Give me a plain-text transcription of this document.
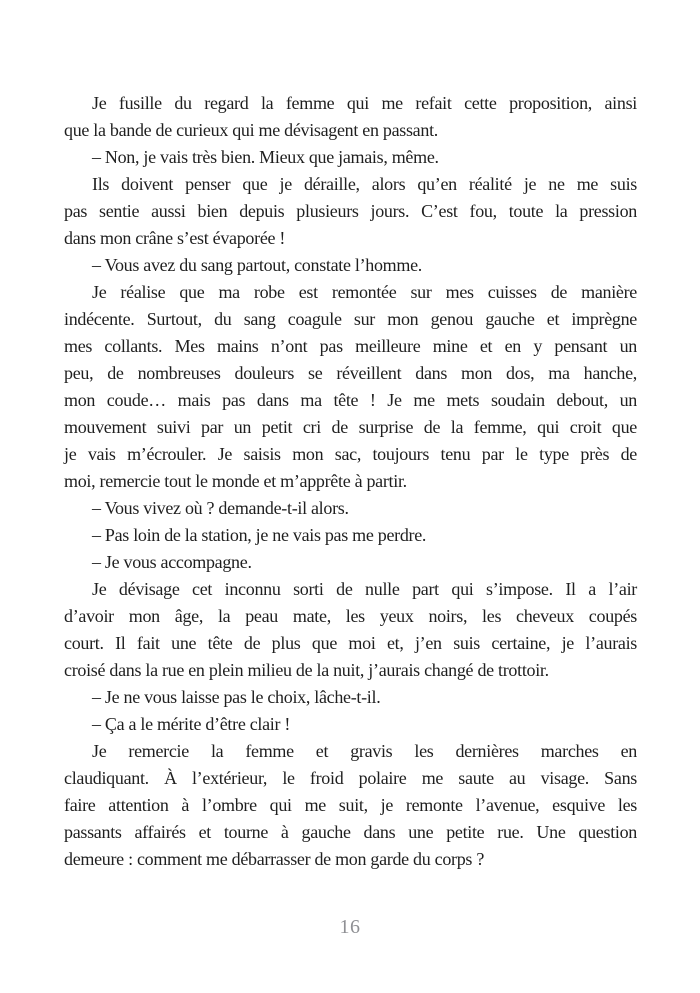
Je fusille du regard la femme qui me refait cette proposition, ainsi
que la bande de curieux qui me dévisagent en passant.
– Non, je vais très bien. Mieux que jamais, même.
Ils doivent penser que je déraille, alors qu’en réalité je ne me suis
pas sentie aussi bien depuis plusieurs jours. C’est fou, toute la pression
dans mon crâne s’est évaporée !
– Vous avez du sang partout, constate l’homme.
Je réalise que ma robe est remontée sur mes cuisses de manière
indécente. Surtout, du sang coagule sur mon genou gauche et imprègne
mes collants. Mes mains n’ont pas meilleure mine et en y pensant un
peu, de nombreuses douleurs se réveillent dans mon dos, ma hanche,
mon coude… mais pas dans ma tête ! Je me mets soudain debout, un
mouvement suivi par un petit cri de surprise de la femme, qui croit que
je vais m’écrouler. Je saisis mon sac, toujours tenu par le type près de
moi, remercie tout le monde et m’apprête à partir.
– Vous vivez où ? demande-t-il alors.
– Pas loin de la station, je ne vais pas me perdre.
– Je vous accompagne.
Je dévisage cet inconnu sorti de nulle part qui s’impose. Il a l’air
d’avoir mon âge, la peau mate, les yeux noirs, les cheveux coupés
court. Il fait une tête de plus que moi et, j’en suis certaine, je l’aurais
croisé dans la rue en plein milieu de la nuit, j’aurais changé de trottoir.
– Je ne vous laisse pas le choix, lâche-t-il.
– Ça a le mérite d’être clair !
Je remercie la femme et gravis les dernières marches en
claudiquant. À l’extérieur, le froid polaire me saute au visage. Sans
faire attention à l’ombre qui me suit, je remonte l’avenue, esquive les
passants affairés et tourne à gauche dans une petite rue. Une question
demeure : comment me débarrasser de mon garde du corps ?
16
